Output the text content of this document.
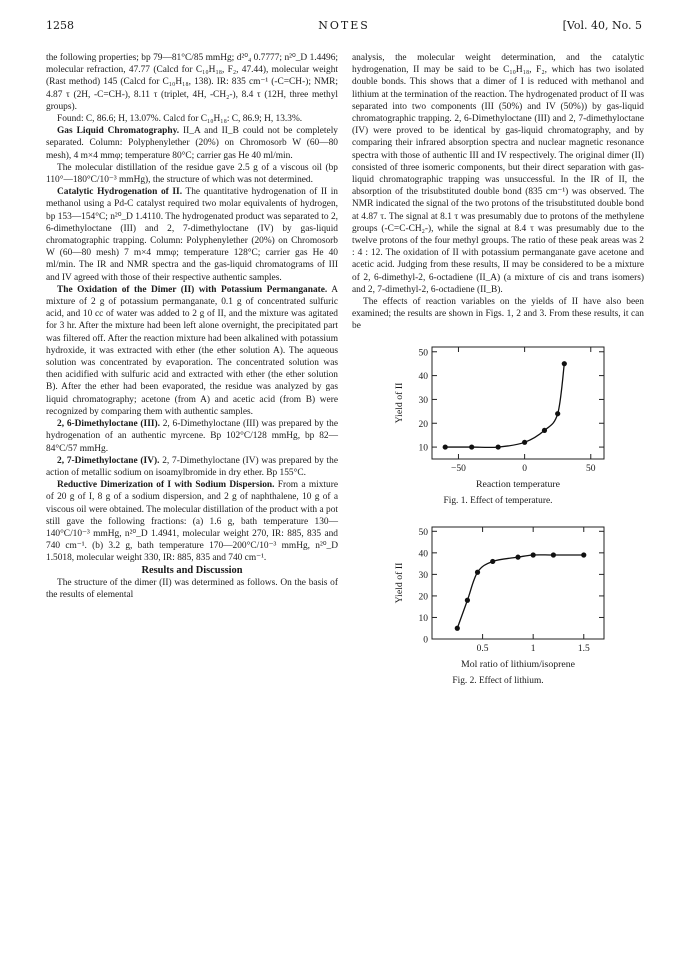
1258	NOTES	[Vol. 40, No. 5

the following properties; bp 79—81°C/85 mmHg; d²⁰₄ 0.7777; n²⁰_D 1.4496; molecular refraction, 47.77 (Calcd for C₁₀H₁₈, F₂, 47.44), molecular weight (Rast method) 145 (Calcd for C₁₀H₁₈, 138). IR: 835 cm⁻¹ (-C=CH-); NMR; 4.87 τ (2H, -C=CH-), 8.11 τ (triplet, 4H, -CH₂-), 8.4 τ (12H, three methyl groups).

Found: C, 86.6; H, 13.07%. Calcd for C₁₀H₁₈: C, 86.9; H, 13.3%.

Gas Liquid Chromatography. II_A and II_B could not be completely separated. Column: Polyphenylether (20%) on Chromosorb W (60—80 mesh), 4 m×4 mmφ; temperature 80°C; carrier gas He 40 ml/min.

The molecular distillation of the residue gave 2.5 g of a viscous oil (bp 110°—180°C/10⁻³ mmHg), the structure of which was not determined.

Catalytic Hydrogenation of II. The quantitative hydrogenation of II in methanol using a Pd-C catalyst required two molar equivalents of hydrogen, bp 153—154°C; n²⁰_D 1.4110. The hydrogenated product was separated to 2, 6-dimethyloctane (III) and 2, 7-dimethyloctane (IV) by gas-liquid chromatographic trapping. Column: Polyphenylether (20%) on Chromosorb W (60—80 mesh) 7 m×4 mmφ; temperature 128°C; carrier gas He 40 ml/min. The IR and NMR spectra and the gas-liquid chromatograms of III and IV agreed with those of their respective authentic samples.

The Oxidation of the Dimer (II) with Potassium Permanganate. A mixture of 2 g of potassium permanganate, 0.1 g of concentrated sulfuric acid, and 10 cc of water was added to 2 g of II, and the mixture was agitated for 3 hr. After the mixture had been left alone overnight, the precipitated part was filtered off. After the reaction mixture had been alkalined with potassium hydroxide, it was extracted with ether (the ether solution A). The aqueous solution was concentrated by evaporation. The concentrated solution was then acidified with sulfuric acid and extracted with ether (the ether solution B). After the ether had been evaporated, the residue was analyzed by gas liquid chromatography; acetone (from A) and acetic acid (from B) were recognized by comparing them with authentic samples.

2, 6-Dimethyloctane (III). 2, 6-Dimethyloctane (III) was prepared by the hydrogenation of an authentic myrcene. Bp 102°C/128 mmHg, bp 82—84°C/57 mmHg.

2, 7-Dimethyloctane (IV). 2, 7-Dimethyloctane (IV) was prepared by the action of metallic sodium on isoamylbromide in dry ether. Bp 155°C.

Reductive Dimerization of I with Sodium Dispersion. From a mixture of 20 g of I, 8 g of a sodium dispersion, and 2 g of naphthalene, 10 g of a viscous oil were obtained. The molecular distillation of the product with a pot still gave the following fractions: (a) 1.6 g, bath temperature 130—140°C/10⁻³ mmHg, n²⁰_D 1.4941, molecular weight 270, IR: 885, 835 and 740 cm⁻¹. (b) 3.2 g, bath temperature 170—200°C/10⁻³ mmHg, n²⁰_D 1.5018, molecular weight 330, IR: 885, 835 and 740 cm⁻¹.

Results and Discussion

The structure of the dimer (II) was determined as follows. On the basis of the results of elemental

analysis, the molecular weight determination, and the catalytic hydrogenation, II may be said to be C₁₀H₁₈, F₂, which has two isolated double bonds. This shows that a dimer of I is reduced with methanol and lithium at the termination of the reaction. The hydrogenated product of II was separated into two components (III (50%) and IV (50%)) by gas-liquid chromatographic trapping. 2, 6-Dimethyloctane (III) and 2, 7-dimethyloctane (IV) were proved to be identical by gas-liquid chromatography, and by comparing their infrared absorption spectra and nuclear magnetic resonance spectra with those of authentic III and IV respectively. The original dimer (II) consisted of three isomeric components, but their direct separation with gas-liquid chromatographic trapping was unsuccessful. In the IR of II, the absorption of the trisubstituted double bond (835 cm⁻¹) was observed. The NMR indicated the signal of the two protons of the trisubstituted double bond at 4.87 τ. The signal at 8.1 τ was presumably due to protons of the methylene groups (-C=C-CH₂-), while the signal at 8.4 τ was presumably due to the twelve protons of the four methyl groups. The ratio of these peak areas was 2 : 4 : 12. The oxidation of II with potassium permanganate gave acetone and acetic acid. Judging from these results, II may be considered to be a mixture of 2, 6-dimethyl-2, 6-octadiene (II_A) (a mixture of cis and trans isomers) and 2, 7-dimethyl-2, 6-octadiene (II_B).

The effects of reaction variables on the yields of II have also been examined; the results are shown in Figs. 1, 2 and 3. From these results, it can be

10
20
30
40
50
−50	0	50
Reaction temperature
Yield of II
Fig. 1. Effect of temperature.
0
10
20
30
40
50
0.5	1	1.5
Mol ratio of lithium/isoprene
Yield of II
Fig. 2. Effect of lithium.
